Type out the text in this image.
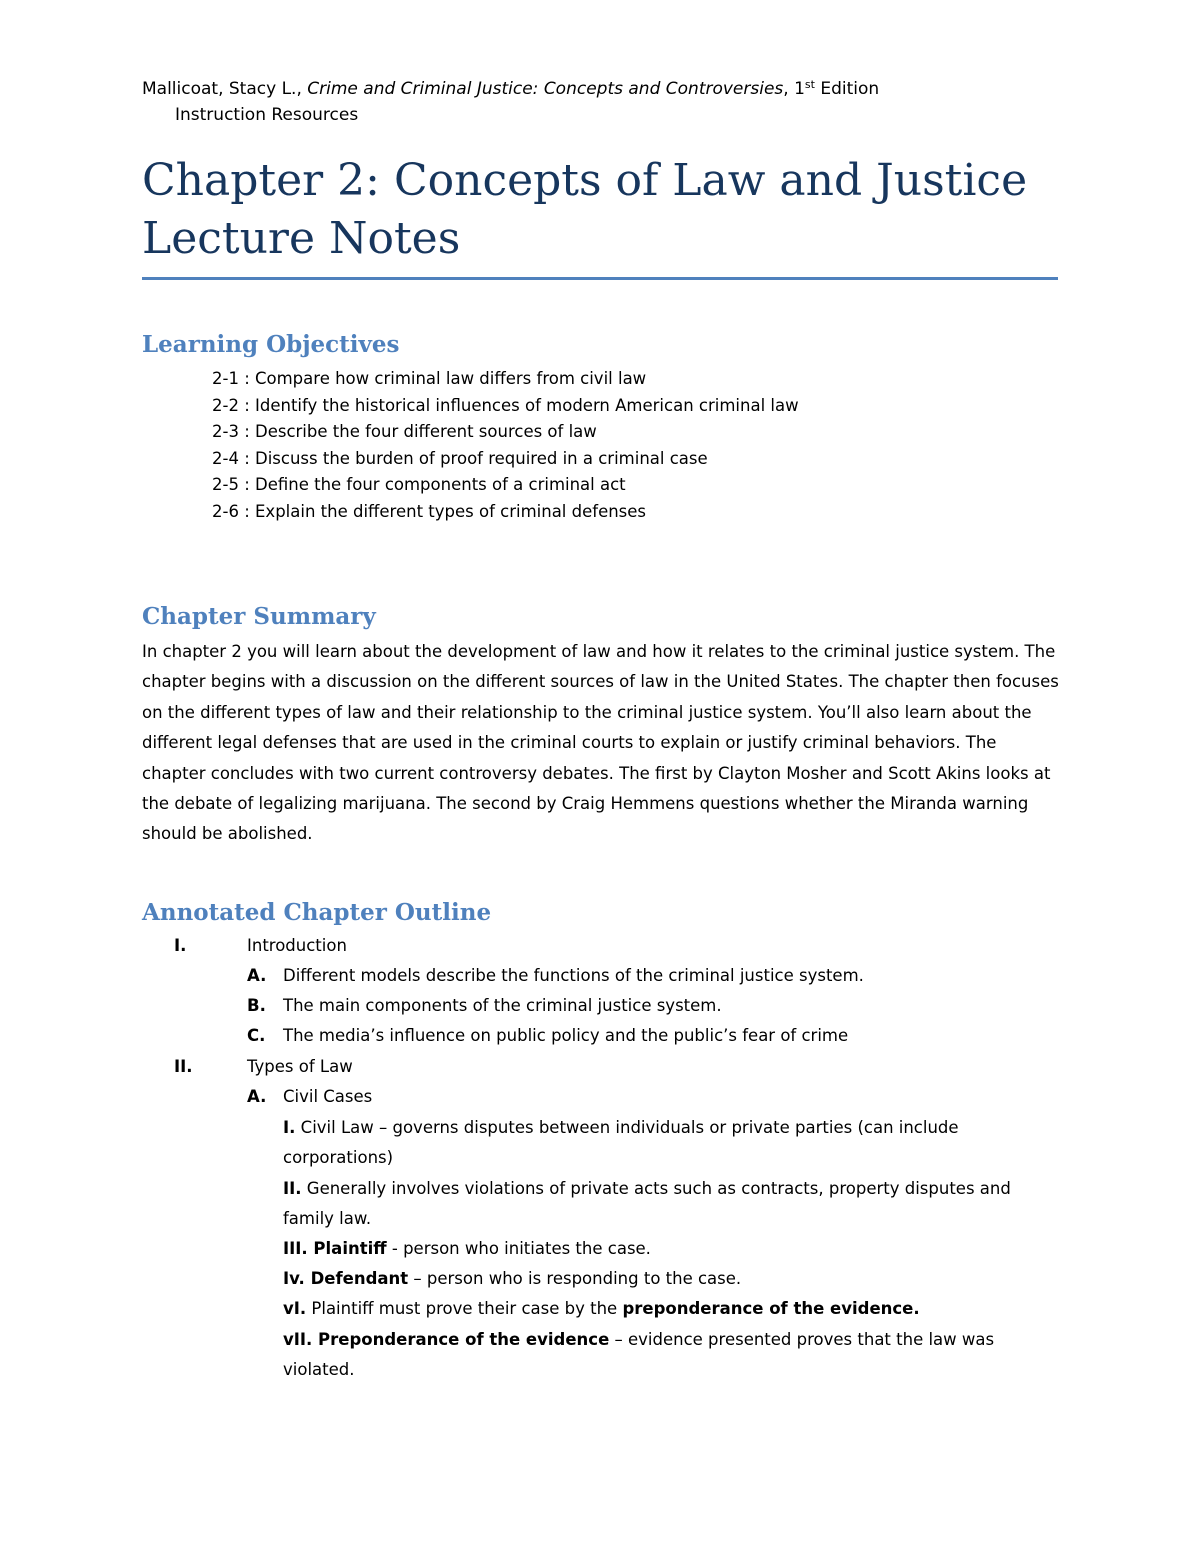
Mallicoat, Stacy L., Crime and Criminal Justice: Concepts and Controversies, 1st Edition
Instruction Resources
Chapter 2: Concepts of Law and Justice
Lecture Notes
Learning Objectives
2-1 : Compare how criminal law differs from civil law
2-2 : Identify the historical influences of modern American criminal law
2-3 : Describe the four different sources of law
2-4 : Discuss the burden of proof required in a criminal case
2-5 : Define the four components of a criminal act
2-6 : Explain the different types of criminal defenses
Chapter Summary

In chapter 2 you will learn about the development of law and how it relates to the criminal justice system. The chapter begins with a discussion on the different sources of law in the United States. The chapter then focuses on the different types of law and their relationship to the criminal justice system. You’ll also learn about the different legal defenses that are used in the criminal courts to explain or justify criminal behaviors. The chapter concludes with two current controversy debates. The first by Clayton Mosher and Scott Akins looks at the debate of legalizing marijuana. The second by Craig Hemmens questions whether the Miranda warning should be abolished.

Annotated Chapter Outline
I.	Introduction
A. Different models describe the functions of the criminal justice system.
B. The main components of the criminal justice system.
C. The media’s influence on public policy and the public’s fear of crime
II.	Types of Law
A. Civil Cases
I. Civil Law – governs disputes between individuals or private parties (can include
corporations)
II. Generally involves violations of private acts such as contracts, property disputes and
family law.
III. Plaintiff - person who initiates the case.
Iv. Defendant – person who is responding to the case.
vI. Plaintiff must prove their case by the preponderance of the evidence.
vII. Preponderance of the evidence – evidence presented proves that the law was
violated.
